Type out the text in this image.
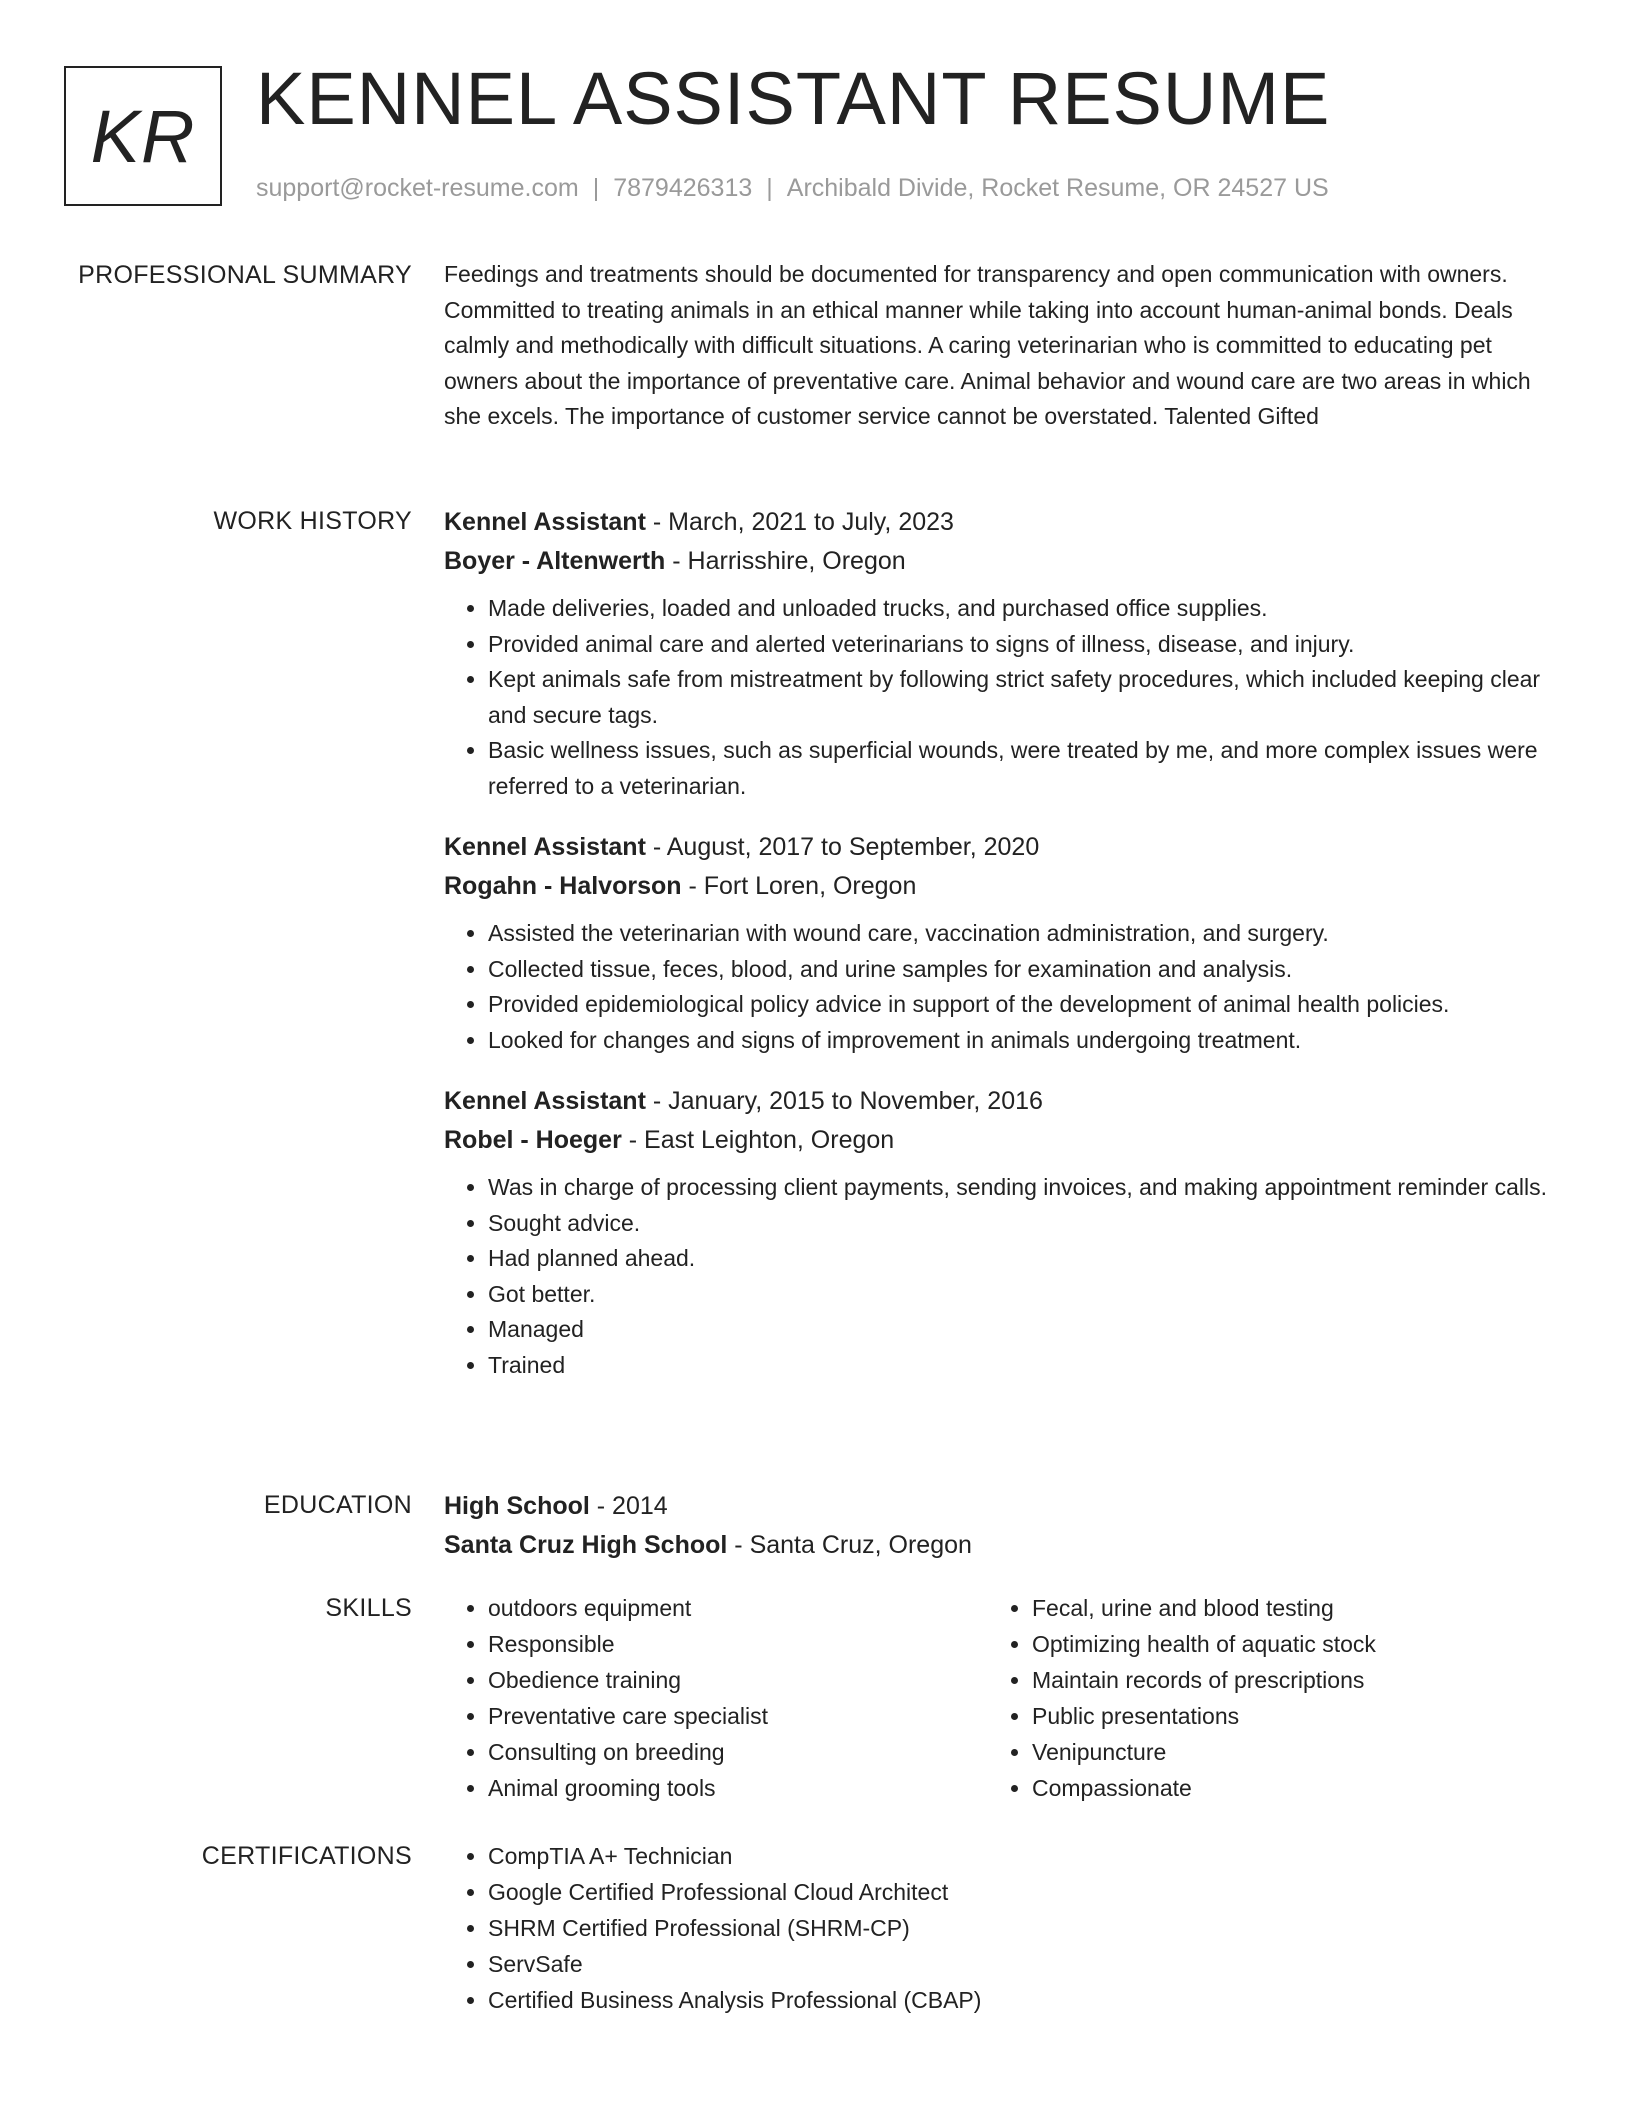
KR KENNEL ASSISTANT RESUME
support@rocket-resume.com | 7879426313 | Archibald Divide, Rocket Resume, OR 24527 US
PROFESSIONAL SUMMARY Feedings and treatments should be documented for transparency and open communication with owners. Committed to treating animals in an ethical manner while taking into account human-animal bonds. Deals calmly and methodically with difficult situations. A caring veterinarian who is committed to educating pet owners about the importance of preventative care. Animal behavior and wound care are two areas in which she excels. The importance of customer service cannot be overstated. Talented Gifted

WORK HISTORY Kennel Assistant - March, 2021 to July, 2023

Boyer - Altenwerth - Harrisshire, Oregon

• Made deliveries, loaded and unloaded trucks, and purchased office supplies.
• Provided animal care and alerted veterinarians to signs of illness, disease, and injury.
• Kept animals safe from mistreatment by following strict safety procedures, which included keeping clear and secure tags.
• Basic wellness issues, such as superficial wounds, were treated by me, and more complex issues were referred to a veterinarian.

Kennel Assistant - August, 2017 to September, 2020

Rogahn - Halvorson - Fort Loren, Oregon

• Assisted the veterinarian with wound care, vaccination administration, and surgery.
• Collected tissue, feces, blood, and urine samples for examination and analysis.
• Provided epidemiological policy advice in support of the development of animal health policies.
• Looked for changes and signs of improvement in animals undergoing treatment.

Kennel Assistant - January, 2015 to November, 2016

Robel - Hoeger - East Leighton, Oregon

• Was in charge of processing client payments, sending invoices, and making appointment reminder calls.
• Sought advice.
• Had planned ahead.
• Got better.
• Managed
• Trained
EDUCATION High School - 2014

Santa Cruz High School - Santa Cruz, Oregon

SKILLS	• outdoors equipment
• Responsible
• Obedience training
• Preventative care specialist
• Consulting on breeding
• Animal grooming tools
• Fecal, urine and blood testing
• Optimizing health of aquatic stock
• Maintain records of prescriptions
• Public presentations
• Venipuncture
• Compassionate
CERTIFICATIONS	• CompTIA A+ Technician
• Google Certified Professional Cloud Architect
• SHRM Certified Professional (SHRM-CP)
• ServSafe
• Certified Business Analysis Professional (CBAP)
